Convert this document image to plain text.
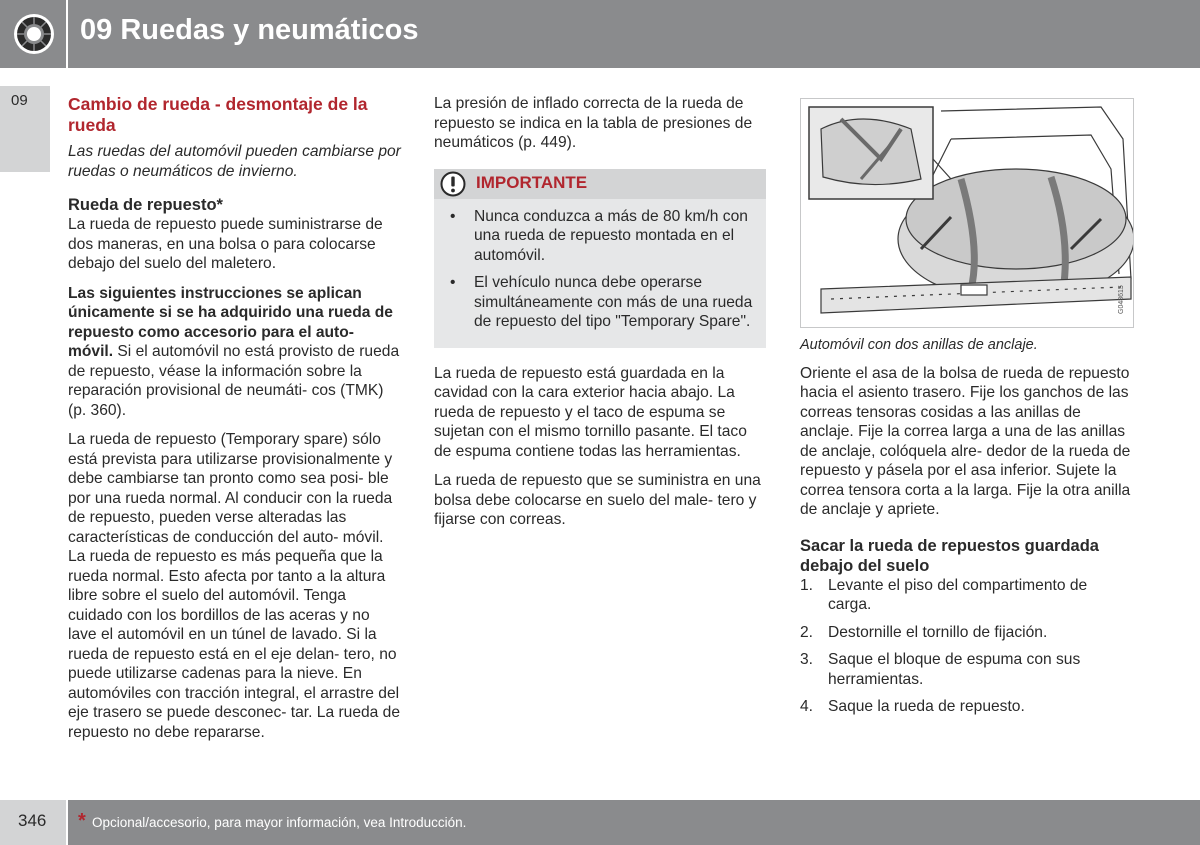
09 Ruedas y neumáticos
09 Cambio de rueda - desmontaje de la rueda
Las ruedas del automóvil pueden cambiarse por ruedas o neumáticos de invierno.
Rueda de repuesto*

La rueda de repuesto puede suministrarse de dos maneras, en una bolsa o para colocarse debajo del suelo del maletero.

Las siguientes instrucciones se aplican únicamente si se ha adquirido una rueda de repuesto como accesorio para el auto- móvil. Si el automóvil no está provisto de rueda de repuesto, véase la información sobre la reparación provisional de neumáti- cos (TMK) (p. 360).

La rueda de repuesto (Temporary spare) sólo está prevista para utilizarse provisionalmente y debe cambiarse tan pronto como sea posi- ble por una rueda normal. Al conducir con la rueda de repuesto, pueden verse alteradas las características de conducción del auto- móvil. La rueda de repuesto es más pequeña que la rueda normal. Esto afecta por tanto a la altura libre sobre el suelo del automóvil. Tenga cuidado con los bordillos de las aceras y no lave el automóvil en un túnel de lavado. Si la rueda de repuesto está en el eje delan- tero, no puede utilizarse cadenas para la nieve. En automóviles con tracción integral, el arrastre del eje trasero se puede desconec- tar. La rueda de repuesto no debe repararse.

La presión de inflado correcta de la rueda de repuesto se indica en la tabla de presiones de neumáticos (p. 449).

IMPORTANTE
• Nunca conduzca a más de 80 km/h con una rueda de repuesto montada en el automóvil.
• El vehículo nunca debe operarse simultáneamente con más de una rueda de repuesto del tipo "Temporary Spare".

La rueda de repuesto está guardada en la cavidad con la cara exterior hacia abajo. La rueda de repuesto y el taco de espuma se sujetan con el mismo tornillo pasante. El taco de espuma contiene todas las herramientas.

La rueda de repuesto que se suministra en una bolsa debe colocarse en suelo del male- tero y fijarse con correas.

G048615
Automóvil con dos anillas de anclaje.

Oriente el asa de la bolsa de rueda de repuesto hacia el asiento trasero. Fije los ganchos de las correas tensoras cosidas a las anillas de anclaje. Fije la correa larga a una de las anillas de anclaje, colóquela alre- dedor de la rueda de repuesto y pásela por el asa inferior. Sujete la correa tensora corta a la larga. Fije la otra anilla de anclaje y apriete.

Sacar la rueda de repuestos guardada debajo del suelo
1. Levante el piso del compartimento de carga.
2. Destornille el tornillo de fijación.
3. Saque el bloque de espuma con sus herramientas.
4. Saque la rueda de repuesto.
346 * Opcional/accesorio, para mayor información, vea Introducción.
